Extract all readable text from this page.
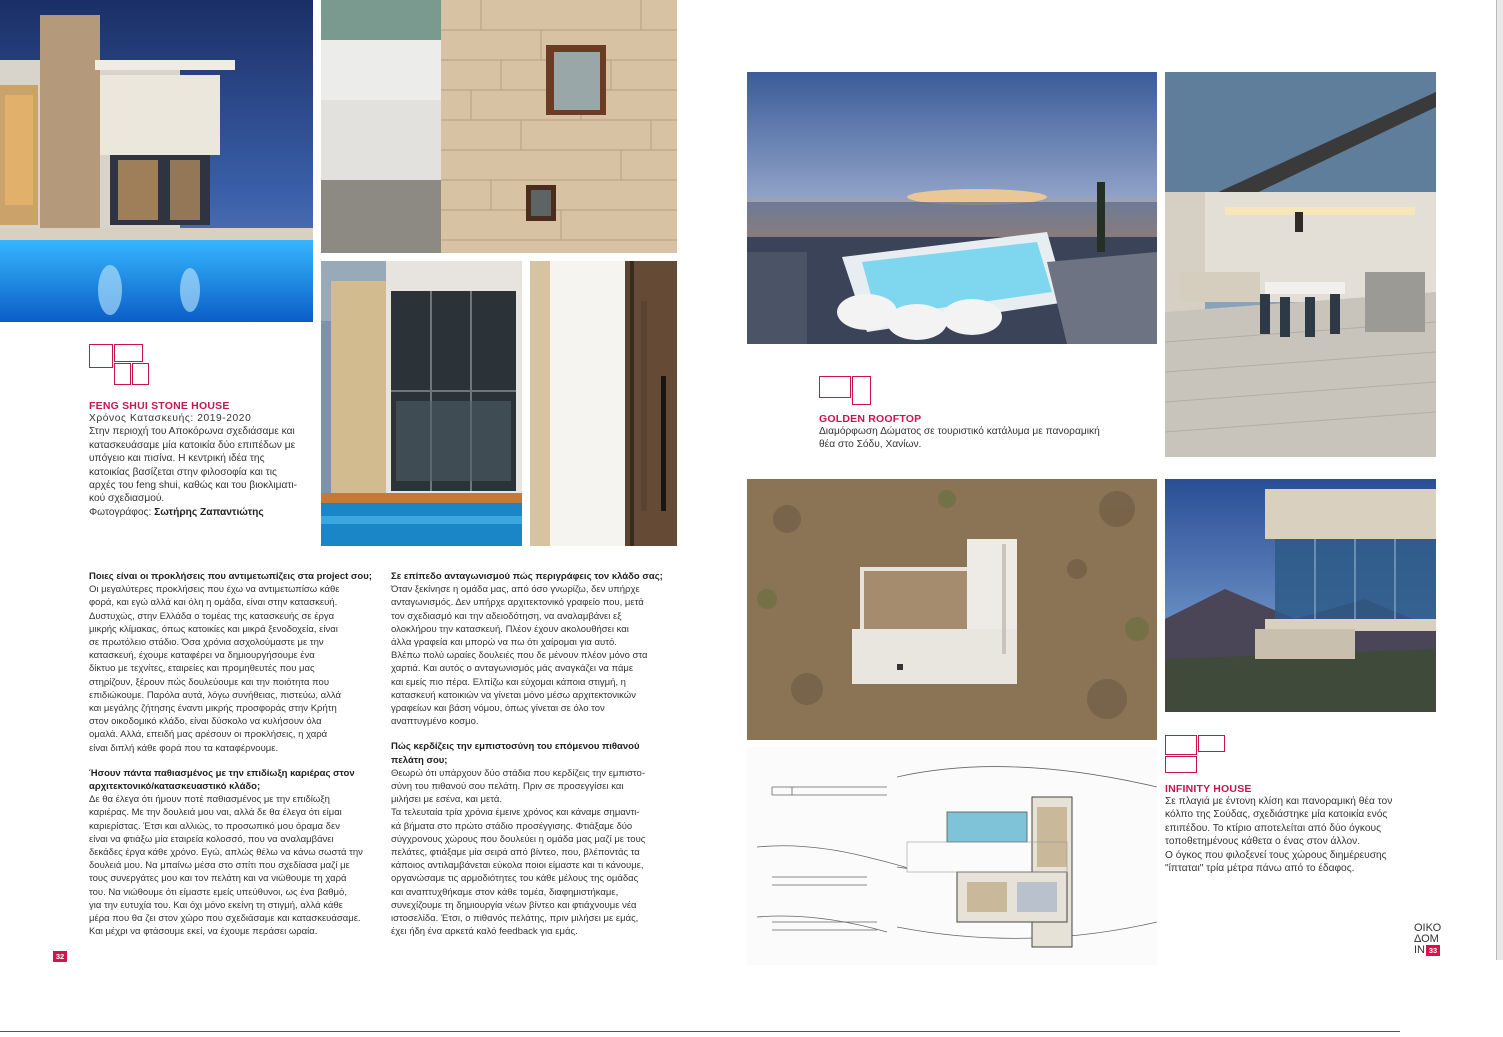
FENG SHUI STONE HOUSE
Χρόνος Κατασκευής: 2019-2020
Στην περιοχή του Αποκόρωνα σχεδιάσαμε και
κατασκευάσαμε μία κατοικία δύο επιπέδων με
υπόγειο και πισίνα. Η κεντρική ιδέα της
κατοικίας βασίζεται στην φιλοσοφία και τις
αρχές του feng shui, καθώς και του βιοκλιματι-
κού σχεδιασμού.
Φωτογράφος: Σωτήρης Ζαπαντιώτης

Ποιες είναι οι προκλήσεις που αντιμετωπίζεις στα project σου;
Οι μεγαλύτερες προκλήσεις που έχω να αντιμετωπίσω κάθε
φορά, και εγώ αλλά και όλη η ομάδα, είναι στην κατασκευή.
Δυστυχώς, στην Ελλάδα ο τομέας της κατασκευής σε έργα
μικρής κλίμακας, όπως κατοικίες και μικρά ξενοδοχεία, είναι
σε πρωτόλειο στάδιο. Όσα χρόνια ασχολούμαστε με την
κατασκευή, έχουμε καταφέρει να δημιουργήσουμε ένα
δίκτυο με τεχνίτες, εταιρείες και προμηθευτές που μας
στηρίζουν, ξέρουν πώς δουλεύουμε και την ποιότητα που
επιδιώκουμε. Παρόλα αυτά, λόγω συνήθειας, πιστεύω, αλλά
και μεγάλης ζήτησης έναντι μικρής προσφοράς στην Κρήτη
στον οικοδομικό κλάδο, είναι δύσκολο να κυλήσουν όλα
ομαλά. Αλλά, επειδή μας αρέσουν οι προκλήσεις, η χαρά
είναι διπλή κάθε φορά που τα καταφέρνουμε.

Ήσουν πάντα παθιασμένος με την επιδίωξη καριέρας στον
αρχιτεκτονικό/κατασκευαστικό κλάδο;
Δε θα έλεγα ότι ήμουν ποτέ παθιασμένος με την επιδίωξη
καριέρας. Με την δουλειά μου ναι, αλλά δε θα έλεγα ότι είμαι
καριερίστας. Έτσι και αλλιώς, το προσωπικό μου όραμα δεν
είναι να φτιάξω μία εταιρεία κολοσσό, που να αναλαμβάνει
δεκάδες έργα κάθε χρόνο. Εγώ, απλώς θέλω να κάνω σωστά την
δουλειά μου. Να μπαίνω μέσα στο σπίτι που σχεδίασα μαζί με
τους συνεργάτες μου και τον πελάτη και να νιώθουμε τη χαρά
του. Να νιώθουμε ότι είμαστε εμείς υπεύθυνοι, ως ένα βαθμό,
για την ευτυχία του. Και όχι μόνο εκείνη τη στιγμή, αλλά κάθε
μέρα που θα ζει στον χώρο που σχεδιάσαμε και κατασκευάσαμε.
Και μέχρι να φτάσουμε εκεί, να έχουμε περάσει ωραία.

Σε επίπεδο ανταγωνισμού πώς περιγράφεις τον κλάδο σας;
Όταν ξεκίνησε η ομάδα μας, από όσο γνωρίζω, δεν υπήρχε
ανταγωνισμός. Δεν υπήρχε αρχιτεκτονικό γραφείο που, μετά
τον σχεδιασμό και την αδειοδότηση, να αναλαμβάνει εξ
ολοκλήρου την κατασκευή. Πλέον έχουν ακολουθήσει και
άλλα γραφεία και μπορώ να πω ότι χαίρομαι για αυτό.
Βλέπω πολύ ωραίες δουλειές που δε μένουν πλέον μόνο στα
χαρτιά. Και αυτός ο ανταγωνισμός μάς αναγκάζει να πάμε
και εμείς πιο πέρα. Ελπίζω και εύχομαι κάποια στιγμή, η
κατασκευή κατοικιών να γίνεται μόνο μέσω αρχιτεκτονικών
γραφείων και βάση νόμου, όπως γίνεται σε όλο τον
αναπτυγμένο κοσμο.

Πώς κερδίζεις την εμπιστοσύνη του επόμενου πιθανού
πελάτη σου;
Θεωρώ ότι υπάρχουν δύο στάδια που κερδίζεις την εμπιστο-
σύνη του πιθανού σου πελάτη. Πριν σε προσεγγίσει και
μιλήσει με εσένα, και μετά.
Τα τελευταία τρία χρόνια έμεινε χρόνος και κάναμε σημαντι-
κά βήματα στο πρώτο στάδιο προσέγγισης. Φτιάξαμε δύο
σύγχρονους χώρους που δουλεύει η ομάδα μας μαζί με τους
πελάτες, φτιάξαμε μία σειρά από βίντεο, που, βλέποντάς τα
κάποιος αντιλαμβάνεται εύκολα ποιοι είμαστε και τι κάνουμε,
οργανώσαμε τις αρμοδιότητες του κάθε μέλους της ομάδας
και αναπτυχθήκαμε στον κάθε τομέα, διαφημιστήκαμε,
συνεχίζουμε τη δημιουργία νέων βίντεο και φτιάχνουμε νέα
ιστοσελίδα. Έτσι, ο πιθανός πελάτης, πριν μιλήσει με εμάς,
έχει ήδη ένα αρκετά καλό feedback για εμάς.

32
GOLDEN ROOFTOP
Διαμόρφωση Δώματος σε τουριστικό κατάλυμα με πανοραμική
θέα στο Σόδυ, Χανίων.
INFINITY HOUSE
Σε πλαγιά με έντονη κλίση και πανοραμική θέα τον
κόλπο της Σούδας, σχεδιάστηκε μία κατοικία ενός
επιπέδου. Το κτίριο αποτελείται από δύο όγκους
τοποθετημένους κάθετα ο ένας στον άλλον.
Ο όγκος που φιλοξενεί τους χώρους διημέρευσης
"ίπταται" τρία μέτρα πάνω από το έδαφος.
ΟΙΚΟ
ΔΟΜ
IN 33
